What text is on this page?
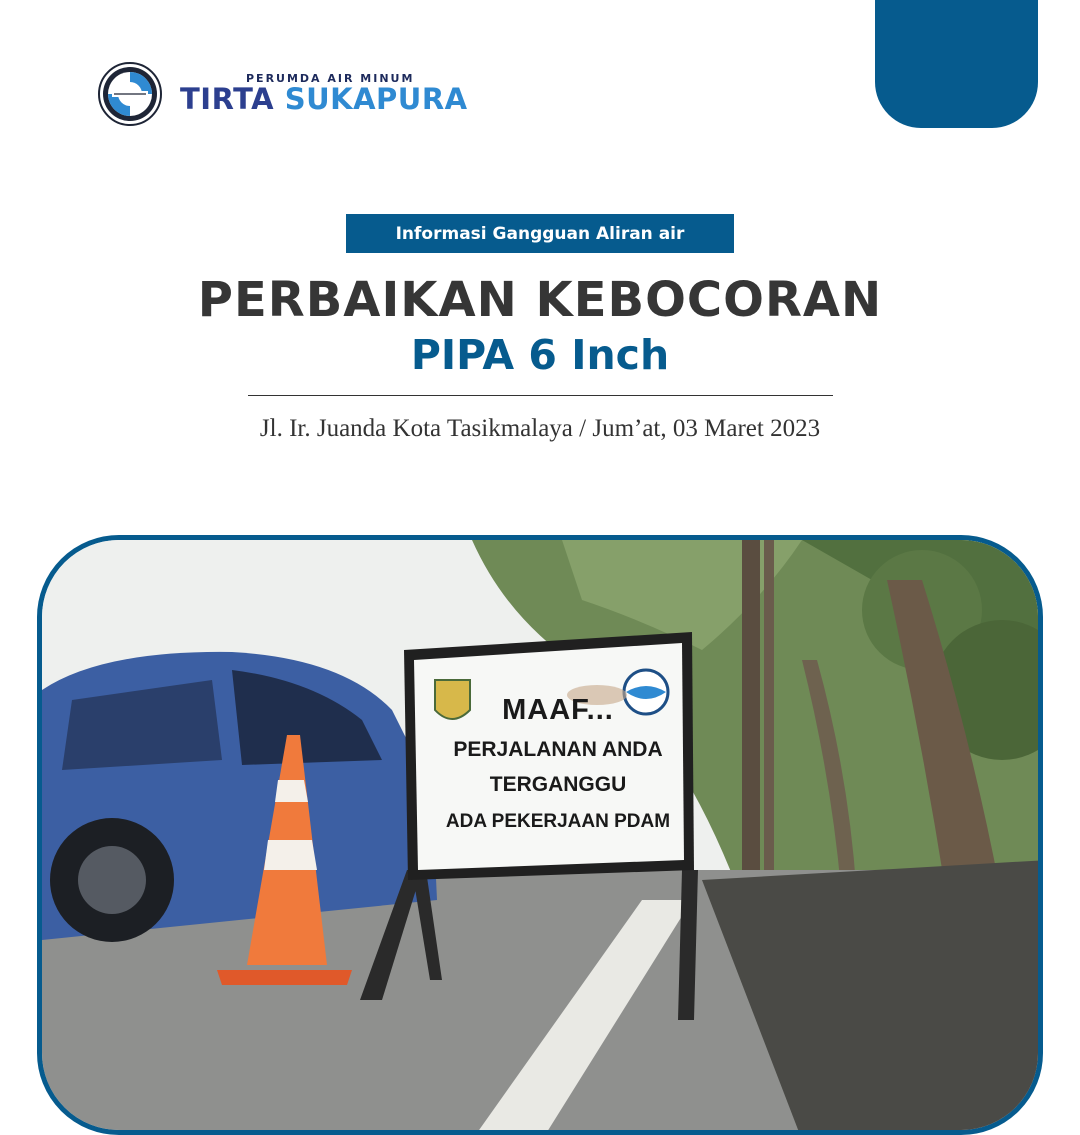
PERUMDA AIR MINUM
TIRTA SUKAPURA
Informasi Gangguan Aliran air
PERBAIKAN KEBOCORAN
PIPA 6 Inch
Jl. Ir. Juanda Kota Tasikmalaya / Jum’at, 03 Maret 2023
MAAF...
PERJALANAN ANDA
TERGANGGU
ADA PEKERJAAN PDAM
